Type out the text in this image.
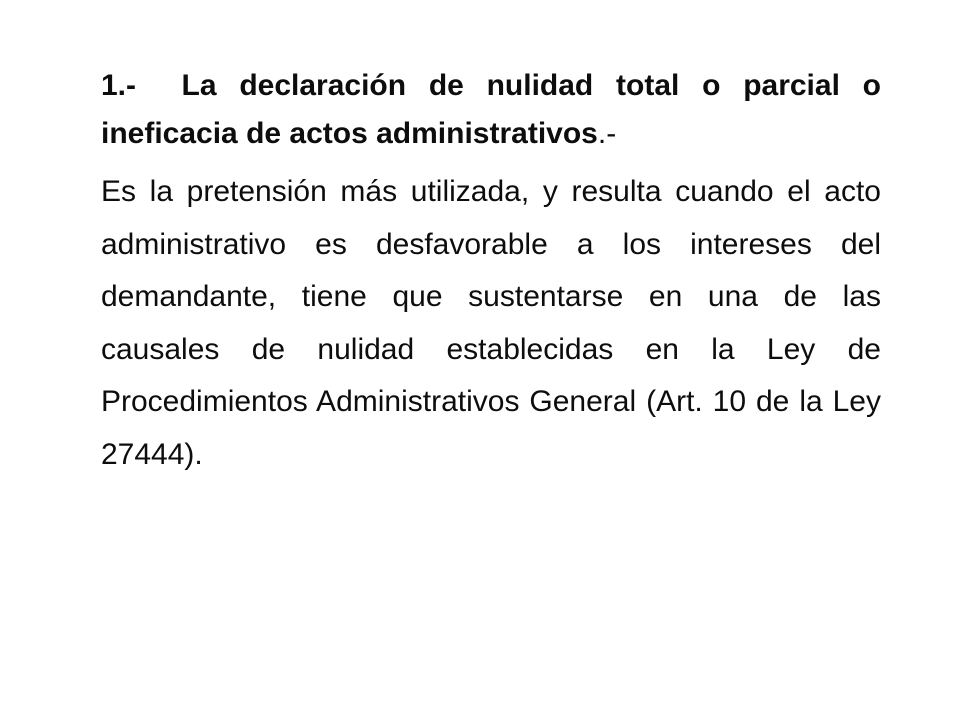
1.- La declaración de nulidad total o parcial o ineficacia de actos administrativos.-

Es la pretensión más utilizada, y resulta cuando el acto administrativo es desfavorable a los intereses del demandante, tiene que sustentarse en una de las causales de nulidad establecidas en la Ley de Procedimientos Administrativos General (Art. 10 de la Ley 27444).
